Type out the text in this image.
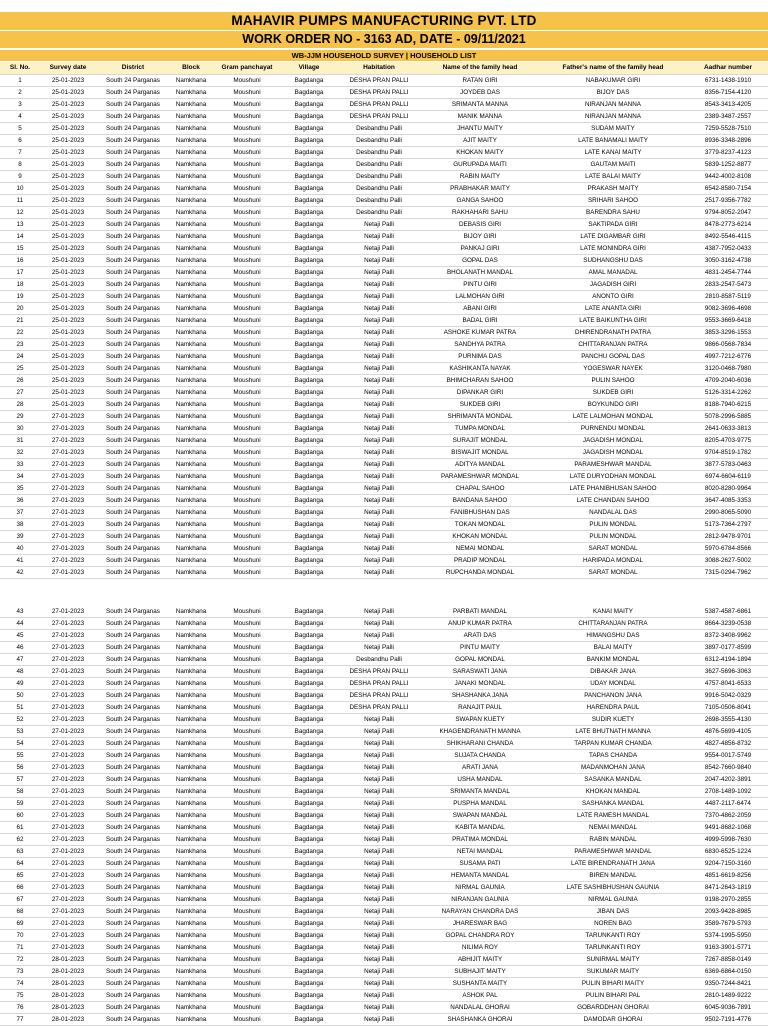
MAHAVIR PUMPS MANUFACTURING PVT. LTD
WORK ORDER NO - 3163 AD, DATE - 09/11/2021
WB-JJM HOUSEHOLD SURVEY | HOUSEHOLD LIST
Sl. No.	Survey date	District	Block	Gram panchayat	Village	Habitation	Name of the family head	Father's name of the family head	Aadhar number
1	25-01-2023	South 24 Parganas	Namkhana	Moushuni	Bagdanga	DESHA PRAN PALLI	RATAN GIRI	NABAKUMAR GIRI	6731-1438-1910
2	25-01-2023	South 24 Parganas	Namkhana	Moushuni	Bagdanga	DESHA PRAN PALLI	JOYDEB DAS	BIJOY DAS	8356-7154-4120
3	25-01-2023	South 24 Parganas	Namkhana	Moushuni	Bagdanga	DESHA PRAN PALLI	SRIMANTA MANNA	NIRANJAN MANNA	8543-3413-4205
4	25-01-2023	South 24 Parganas	Namkhana	Moushuni	Bagdanga	DESHA PRAN PALLI	MANIK MANNA	NIRANJAN MANNA	2389-3487-2557
5	25-01-2023	South 24 Parganas	Namkhana	Moushuni	Bagdanga	Desbandhu Palli	JHANTU MAITY	SUDAM MAITY	7259-5528-7510
6	25-01-2023	South 24 Parganas	Namkhana	Moushuni	Bagdanga	Desbandhu Palli	AJIT MAITY	LATE BANAMALI MAITY	8936-3348-2896
7	25-01-2023	South 24 Parganas	Namkhana	Moushuni	Bagdanga	Desbandhu Palli	KHOKAN MAITY	LATE KANAI MAITY	3779-8237-4123
8	25-01-2023	South 24 Parganas	Namkhana	Moushuni	Bagdanga	Desbandhu Palli	GURUPADA MAITI	GAUTAM MAITI	5839-1252-8877
9	25-01-2023	South 24 Parganas	Namkhana	Moushuni	Bagdanga	Desbandhu Palli	RABIN MAITY	LATE BALAI MAITY	9442-4002-8108
10	25-01-2023	South 24 Parganas	Namkhana	Moushuni	Bagdanga	Desbandhu Palli	PRABHAKAR MAITY	PRAKASH MAITY	6542-8580-7154
11	25-01-2023	South 24 Parganas	Namkhana	Moushuni	Bagdanga	Desbandhu Palli	GANGA SAHOO	SRIHARI SAHOO	2517-9356-7782
12	25-01-2023	South 24 Parganas	Namkhana	Moushuni	Bagdanga	Desbandhu Palli	RAKHAHARI SAHU	BARENDRA SAHU	9794-8052-2047
13	25-01-2023	South 24 Parganas	Namkhana	Moushuni	Bagdanga	Netaji Palli	DEBASIS GIRI	SAKTIPADA GIRI	8478-2773-6214
14	25-01-2023	South 24 Parganas	Namkhana	Moushuni	Bagdanga	Netaji Palli	BIJOY GIRI	LATE DIGAMBAR GIRI	8492-5546-4115
15	25-01-2023	South 24 Parganas	Namkhana	Moushuni	Bagdanga	Netaji Palli	PANKAJ GIRI	LATE MONINDRA GIRI	4387-7952-0433
16	25-01-2023	South 24 Parganas	Namkhana	Moushuni	Bagdanga	Netaji Palli	GOPAL DAS	SUDHANGSHU DAS	3050-3162-4738
17	25-01-2023	South 24 Parganas	Namkhana	Moushuni	Bagdanga	Netaji Palli	BHOLANATH MANDAL	AMAL MANADAL	4831-2454-7744
18	25-01-2023	South 24 Parganas	Namkhana	Moushuni	Bagdanga	Netaji Palli	PINTU GIRI	JAGADISH GIRI	2833-2547-5473
19	25-01-2023	South 24 Parganas	Namkhana	Moushuni	Bagdanga	Netaji Palli	LALMOHAN GIRI	ANONTO GIRI	2810-8587-5119
20	25-01-2023	South 24 Parganas	Namkhana	Moushuni	Bagdanga	Netaji Palli	ABANI GIRI	LATE ANANTA GIRI	9082-3696-4698
21	25-01-2023	South 24 Parganas	Namkhana	Moushuni	Bagdanga	Netaji Palli	BADAL GIRI	LATE BAIKUNTHA GIRI	9553-3669-6418
22	25-01-2023	South 24 Parganas	Namkhana	Moushuni	Bagdanga	Netaji Palli	ASHOKE KUMAR PATRA	DHIRENDRANATH PATRA	3853-3296-1553
23	25-01-2023	South 24 Parganas	Namkhana	Moushuni	Bagdanga	Netaji Palli	SANDHYA PATRA	CHITTARANJAN PATRA	9866-0568-7834
24	25-01-2023	South 24 Parganas	Namkhana	Moushuni	Bagdanga	Netaji Palli	PURNIMA DAS	PANCHU GOPAL DAS	4997-7212-6776
25	25-01-2023	South 24 Parganas	Namkhana	Moushuni	Bagdanga	Netaji Palli	KASHIKANTA NAYAK	YOGESWAR NAYEK	3120-0468-7980
26	25-01-2023	South 24 Parganas	Namkhana	Moushuni	Bagdanga	Netaji Palli	BHIMCHARAN SAHOO	PULIN SAHOO	4709-2040-6036
27	25-01-2023	South 24 Parganas	Namkhana	Moushuni	Bagdanga	Netaji Palli	DIPANKAR GIRI	SUKDEB GIRI	5126-3314-2262
28	25-01-2023	South 24 Parganas	Namkhana	Moushuni	Bagdanga	Netaji Palli	SUKDEB GIRI	BOYKUNDO GIRI	8188-7940-6215
29	27-01-2023	South 24 Parganas	Namkhana	Moushuni	Bagdanga	Netaji Palli	SHRIMANTA MONDAL	LATE LALMOHAN MONDAL	5078-2996-5885
30	27-01-2023	South 24 Parganas	Namkhana	Moushuni	Bagdanga	Netaji Palli	TUMPA MONDAL	PURNENDU MONDAL	2641-0633-3813
31	27-01-2023	South 24 Parganas	Namkhana	Moushuni	Bagdanga	Netaji Palli	SURAJIT MONDAL	JAGADISH MONDAL	8205-4703-9775
32	27-01-2023	South 24 Parganas	Namkhana	Moushuni	Bagdanga	Netaji Palli	BISWAJIT MONDAL	JAGADISH MONDAL	9704-8519-1782
33	27-01-2023	South 24 Parganas	Namkhana	Moushuni	Bagdanga	Netaji Palli	ADITYA MANDAL	PARAMESHWAR MANDAL	3877-5783-0463
34	27-01-2023	South 24 Parganas	Namkhana	Moushuni	Bagdanga	Netaji Palli	PARAMESHWAR MONDAL	LATE DURYODHAN MONDAL	6974-6604-6119
35	27-01-2023	South 24 Parganas	Namkhana	Moushuni	Bagdanga	Netaji Palli	CHAPAL SAHOO	LATE PHANIBHUSAN SAHOO	8020-8280-9964
36	27-01-2023	South 24 Parganas	Namkhana	Moushuni	Bagdanga	Netaji Palli	BANDANA SAHOO	LATE CHANDAN SAHOO	3647-4085-3353
37	27-01-2023	South 24 Parganas	Namkhana	Moushuni	Bagdanga	Netaji Palli	FANIBHUSHAN DAS	NANDALAL DAS	2990-8065-5090
38	27-01-2023	South 24 Parganas	Namkhana	Moushuni	Bagdanga	Netaji Palli	TOKAN MONDAL	PULIN MONDAL	5173-7364-2797
39	27-01-2023	South 24 Parganas	Namkhana	Moushuni	Bagdanga	Netaji Palli	KHOKAN MONDAL	PULIN MONDAL	2812-9478-9701
40	27-01-2023	South 24 Parganas	Namkhana	Moushuni	Bagdanga	Netaji Palli	NEMAI MONDAL	SARAT MONDAL	5970-6784-8566
41	27-01-2023	South 24 Parganas	Namkhana	Moushuni	Bagdanga	Netaji Palli	PRADIP MONDAL	HARIPADA MONDAL	3088-2627-5002
42	27-01-2023	South 24 Parganas	Namkhana	Moushuni	Bagdanga	Netaji Palli	RUPCHANDA MONDAL	SARAT MONDAL	7315-0294-7962
43	27-01-2023	South 24 Parganas	Namkhana	Moushuni	Bagdanga	Netaji Palli	PARBATI MANDAL	KANAI MAITY	5387-4587-6861
44	27-01-2023	South 24 Parganas	Namkhana	Moushuni	Bagdanga	Netaji Palli	ANUP KUMAR PATRA	CHITTARANJAN PATRA	8664-3239-0538
45	27-01-2023	South 24 Parganas	Namkhana	Moushuni	Bagdanga	Netaji Palli	ARATI DAS	HIMANGSHU DAS	8372-3408-9962
46	27-01-2023	South 24 Parganas	Namkhana	Moushuni	Bagdanga	Netaji Palli	PINTU MAITY	BALAI MAITY	3897-0177-8599
47	27-01-2023	South 24 Parganas	Namkhana	Moushuni	Bagdanga	Desbandhu Palli	GOPAL MONDAL	BANKIM MONDAL	6312-4194-1894
48	27-01-2023	South 24 Parganas	Namkhana	Moushuni	Bagdanga	DESHA PRAN PALLI	SARASWATI JANA	DIBAKAR JANA	3627-5696-3063
49	27-01-2023	South 24 Parganas	Namkhana	Moushuni	Bagdanga	DESHA PRAN PALLI	JANAKI MONDAL	UDAY MONDAL	4757-8041-6533
50	27-01-2023	South 24 Parganas	Namkhana	Moushuni	Bagdanga	DESHA PRAN PALLI	SHASHANKA JANA	PANCHANON JANA	9916-5042-0329
51	27-01-2023	South 24 Parganas	Namkhana	Moushuni	Bagdanga	DESHA PRAN PALLI	RANAJIT PAUL	HARENDRA PAUL	7105-0506-8041
52	27-01-2023	South 24 Parganas	Namkhana	Moushuni	Bagdanga	Netaji Palli	SWAPAN KUETY	SUDIR KUETY	2698-3555-4130
53	27-01-2023	South 24 Parganas	Namkhana	Moushuni	Bagdanga	Netaji Palli	KHAGENDRANATH MANNA	LATE BHUTNATH MANNA	4876-5699-4105
54	27-01-2023	South 24 Parganas	Namkhana	Moushuni	Bagdanga	Netaji Palli	SHIKHARANI CHANDA	TARPAN KUMAR CHANDA	4827-4856-8732
55	27-01-2023	South 24 Parganas	Namkhana	Moushuni	Bagdanga	Netaji Palli	SUJATA CHANDA	TAPAS CHANDA	9554-0017-5749
56	27-01-2023	South 24 Parganas	Namkhana	Moushuni	Bagdanga	Netaji Palli	ARATI JANA	MADANMOHAN JANA	8542-7660-9840
57	27-01-2023	South 24 Parganas	Namkhana	Moushuni	Bagdanga	Netaji Palli	USHA MANDAL	SASANKA MANDAL	2047-4202-3891
58	27-01-2023	South 24 Parganas	Namkhana	Moushuni	Bagdanga	Netaji Palli	SRIMANTA MANDAL	KHOKAN MANDAL	2708-1489-1092
59	27-01-2023	South 24 Parganas	Namkhana	Moushuni	Bagdanga	Netaji Palli	PUSPHA MANDAL	SASHANKA MANDAL	4487-2117-6474
60	27-01-2023	South 24 Parganas	Namkhana	Moushuni	Bagdanga	Netaji Palli	SWAPAN MANDAL	LATE RAMESH MANDAL	7370-4862-2059
61	27-01-2023	South 24 Parganas	Namkhana	Moushuni	Bagdanga	Netaji Palli	KABITA MANDAL	NEMAI MANDAL	9491-8682-1068
62	27-01-2023	South 24 Parganas	Namkhana	Moushuni	Bagdanga	Netaji Palli	PRATIMA MONDAL	RABIN MANDAL	4999-5998-7630
63	27-01-2023	South 24 Parganas	Namkhana	Moushuni	Bagdanga	Netaji Palli	NETAI MANDAL	PARAMESHWAR MANDAL	6830-6525-1224
64	27-01-2023	South 24 Parganas	Namkhana	Moushuni	Bagdanga	Netaji Palli	SUSAMA PATI	LATE BIRENDRANATH JANA	9204-7150-3160
65	27-01-2023	South 24 Parganas	Namkhana	Moushuni	Bagdanga	Netaji Palli	HEMANTA MANDAL	BIREN MANDAL	4851-6619-8256
66	27-01-2023	South 24 Parganas	Namkhana	Moushuni	Bagdanga	Netaji Palli	NIRMAL GAUNIA	LATE SASHIBHUSHAN GAUNIA	8471-2643-1819
67	27-01-2023	South 24 Parganas	Namkhana	Moushuni	Bagdanga	Netaji Palli	NIRANJAN GAUNIA	NIRMAL GAUNIA	9198-2970-2855
68	27-01-2023	South 24 Parganas	Namkhana	Moushuni	Bagdanga	Netaji Palli	NARAYAN CHANDRA DAS	JIBAN DAS	2093-9428-8985
69	27-01-2023	South 24 Parganas	Namkhana	Moushuni	Bagdanga	Netaji Palli	JHARESWAR BAG	NOREN BAG	3589-7679-5793
70	27-01-2023	South 24 Parganas	Namkhana	Moushuni	Bagdanga	Netaji Palli	GOPAL CHANDRA ROY	TARUNKANTI ROY	5374-1995-5950
71	27-01-2023	South 24 Parganas	Namkhana	Moushuni	Bagdanga	Netaji Palli	NILIMA ROY	TARUNKANTI ROY	9163-3901-5771
72	28-01-2023	South 24 Parganas	Namkhana	Moushuni	Bagdanga	Netaji Palli	ABHIJIT MAITY	SUNIRMAL MAITY	7267-8858-0149
73	28-01-2023	South 24 Parganas	Namkhana	Moushuni	Bagdanga	Netaji Palli	SUBHAJIT MAITY	SUKUMAR MAITY	6369-6864-0150
74	28-01-2023	South 24 Parganas	Namkhana	Moushuni	Bagdanga	Netaji Palli	SUSHANTA MAITY	PULIN BIHARI MAITY	9350-7244-8421
75	28-01-2023	South 24 Parganas	Namkhana	Moushuni	Bagdanga	Netaji Palli	ASHOK PAL	PULIN BIHARI PAL	2810-1489-9222
76	28-01-2023	South 24 Parganas	Namkhana	Moushuni	Bagdanga	Netaji Palli	NANDALAL GHORAI	GOBARDDHAN GHORAI	6045-9036-7891
77	28-01-2023	South 24 Parganas	Namkhana	Moushuni	Bagdanga	Netaji Palli	SHASHANKA GHORAI	DAMODAR GHORAI	9502-7191-4776
